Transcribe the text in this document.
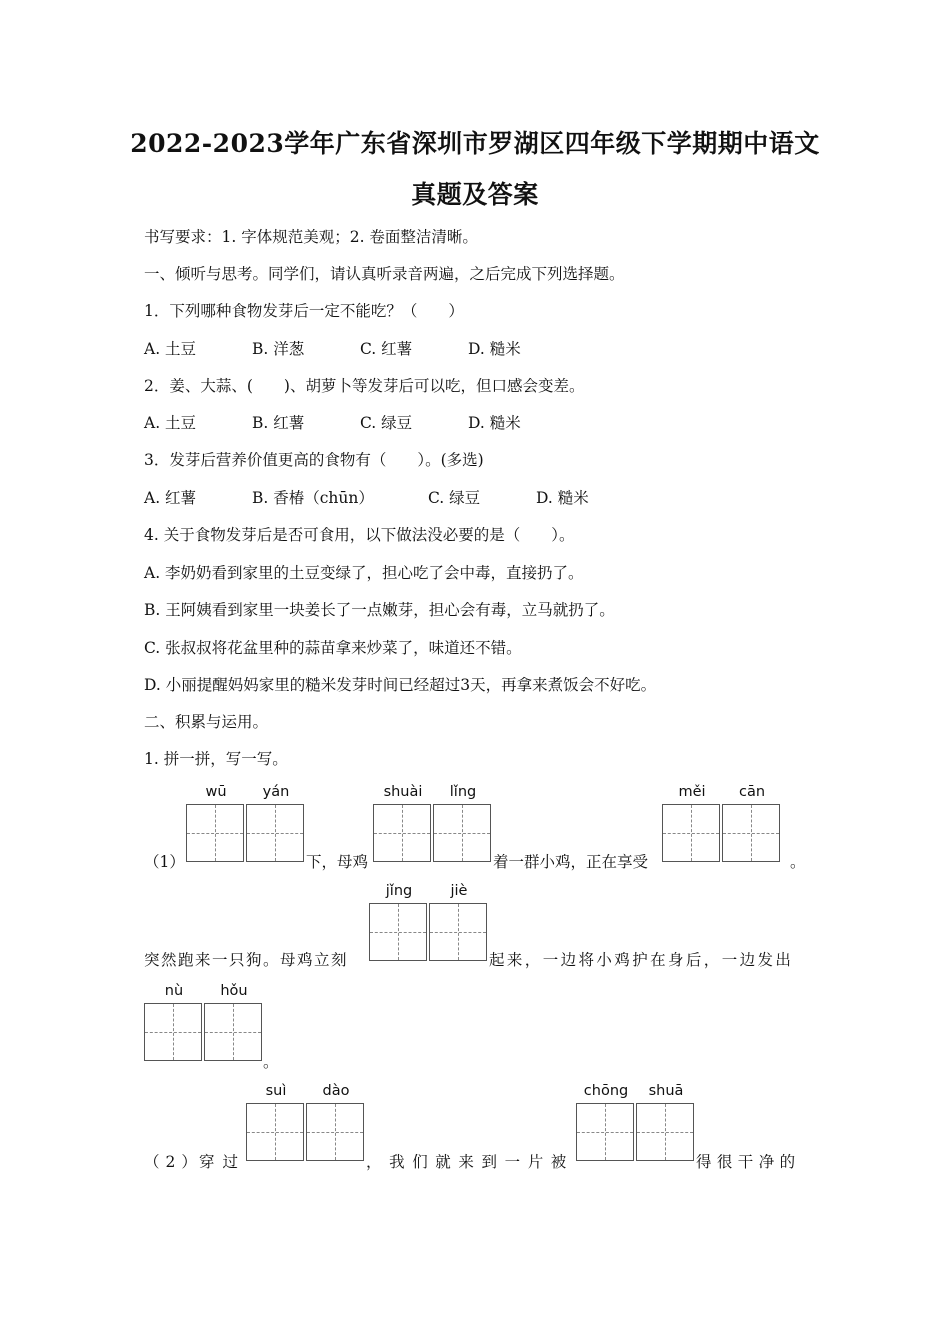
2022-2023学年广东省深圳市罗湖区四年级下学期期中语文
真题及答案
书写要求：1. 字体规范美观；2. 卷面整洁清晰。
一、倾听与思考。同学们，请认真听录音两遍，之后完成下列选择题。
1．下列哪种食物发芽后一定不能吃？（　　）
A. 土豆	B. 洋葱	C. 红薯	D. 糙米
2．姜、大蒜、(　　)、胡萝卜等发芽后可以吃，但口感会变差。
A. 土豆	B. 红薯	C. 绿豆	D. 糙米
3．发芽后营养价值更高的食物有（　　）。(多选)
A. 红薯	B. 香椿（chūn）	C. 绿豆	D. 糙米
4. 关于食物发芽后是否可食用，以下做法没必要的是（　　）。
A. 李奶奶看到家里的土豆变绿了，担心吃了会中毒，直接扔了。
B. 王阿姨看到家里一块姜长了一点嫩芽，担心会有毒，立马就扔了。
C. 张叔叔将花盆里种的蒜苗拿来炒菜了，味道还不错。
D. 小丽提醒妈妈家里的糙米发芽时间已经超过3天，再拿来煮饭会不好吃。
二、积累与运用。
1. 拼一拼，写一写。
（1）
wū	yán
下，母鸡
shuài	lǐng
着一群小鸡，正在享受
měi	cān
。
突然跑来一只狗。母鸡立刻
jǐng	jiè
起来，一边将小鸡护在身后，一边发出
nù	hǒu
。
（2）
穿过
suì	dào
，我们就来到一片被
chōng	shuā
得很干净的
